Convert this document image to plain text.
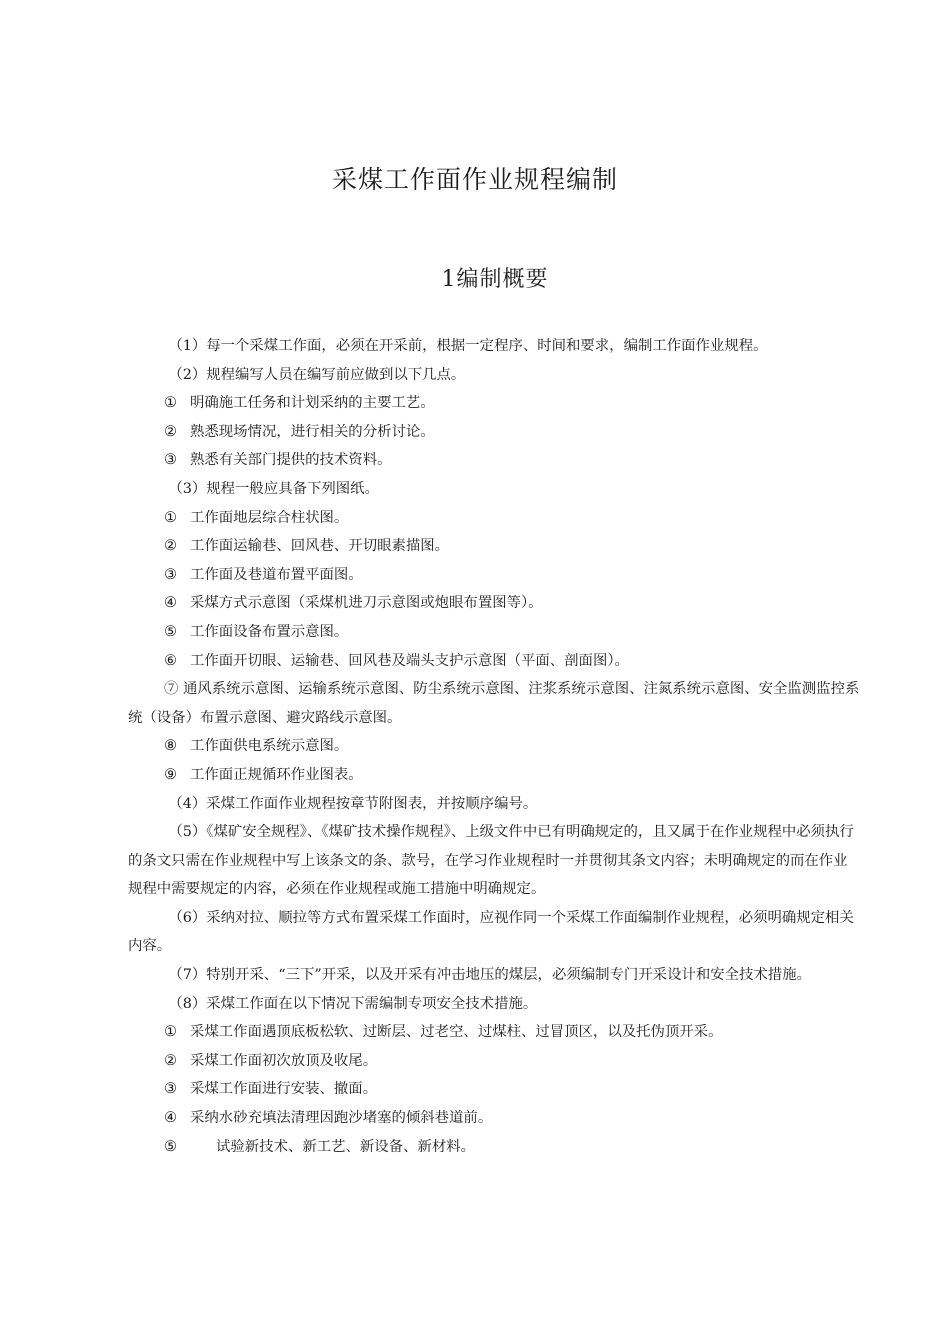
采煤工作面作业规程编制
1编制概要
（1）每一个采煤工作面，必须在开采前，根据一定程序、时间和要求，编制工作面作业规程。
（2）规程编写人员在编写前应做到以下几点。
① 明确施工任务和计划采纳的主要工艺。
② 熟悉现场情况，进行相关的分析讨论。
③ 熟悉有关部门提供的技术资料。
（3）规程一般应具备下列图纸。
① 工作面地层综合柱状图。
② 工作面运输巷、回风巷、开切眼素描图。
③ 工作面及巷道布置平面图。
④ 采煤方式示意图（采煤机进刀示意图或炮眼布置图等）。
⑤ 工作面设备布置示意图。
⑥ 工作面开切眼、运输巷、回风巷及端头支护示意图（平面、剖面图）。
⑦ 通风系统示意图、运输系统示意图、防尘系统示意图、注浆系统示意图、注氮系统示意图、安全监测监控系统（设备）布置示意图、避灾路线示意图。
⑧ 工作面供电系统示意图。
⑨ 工作面正规循环作业图表。
（4）采煤工作面作业规程按章节附图表，并按顺序编号。
（5）《煤矿安全规程》、《煤矿技术操作规程》、上级文件中已有明确规定的，且又属于在作业规程中必须执行的条文只需在作业规程中写上该条文的条、款号，在学习作业规程时一并贯彻其条文内容；未明确规定的而在作业规程中需要规定的内容，必须在作业规程或施工措施中明确规定。
（6）采纳对拉、顺拉等方式布置采煤工作面时，应视作同一个采煤工作面编制作业规程，必须明确规定相关内容。
（7）特别开采、“三下”开采，以及开采有冲击地压的煤层，必须编制专门开采设计和安全技术措施。
（8）采煤工作面在以下情况下需编制专项安全技术措施。
① 采煤工作面遇顶底板松软、过断层、过老空、过煤柱、过冒顶区，以及托伪顶开采。
② 采煤工作面初次放顶及收尾。
③ 采煤工作面进行安装、撤面。
④ 采纳水砂充填法清理因跑沙堵塞的倾斜巷道前。
⑤	试验新技术、新工艺、新设备、新材料。
